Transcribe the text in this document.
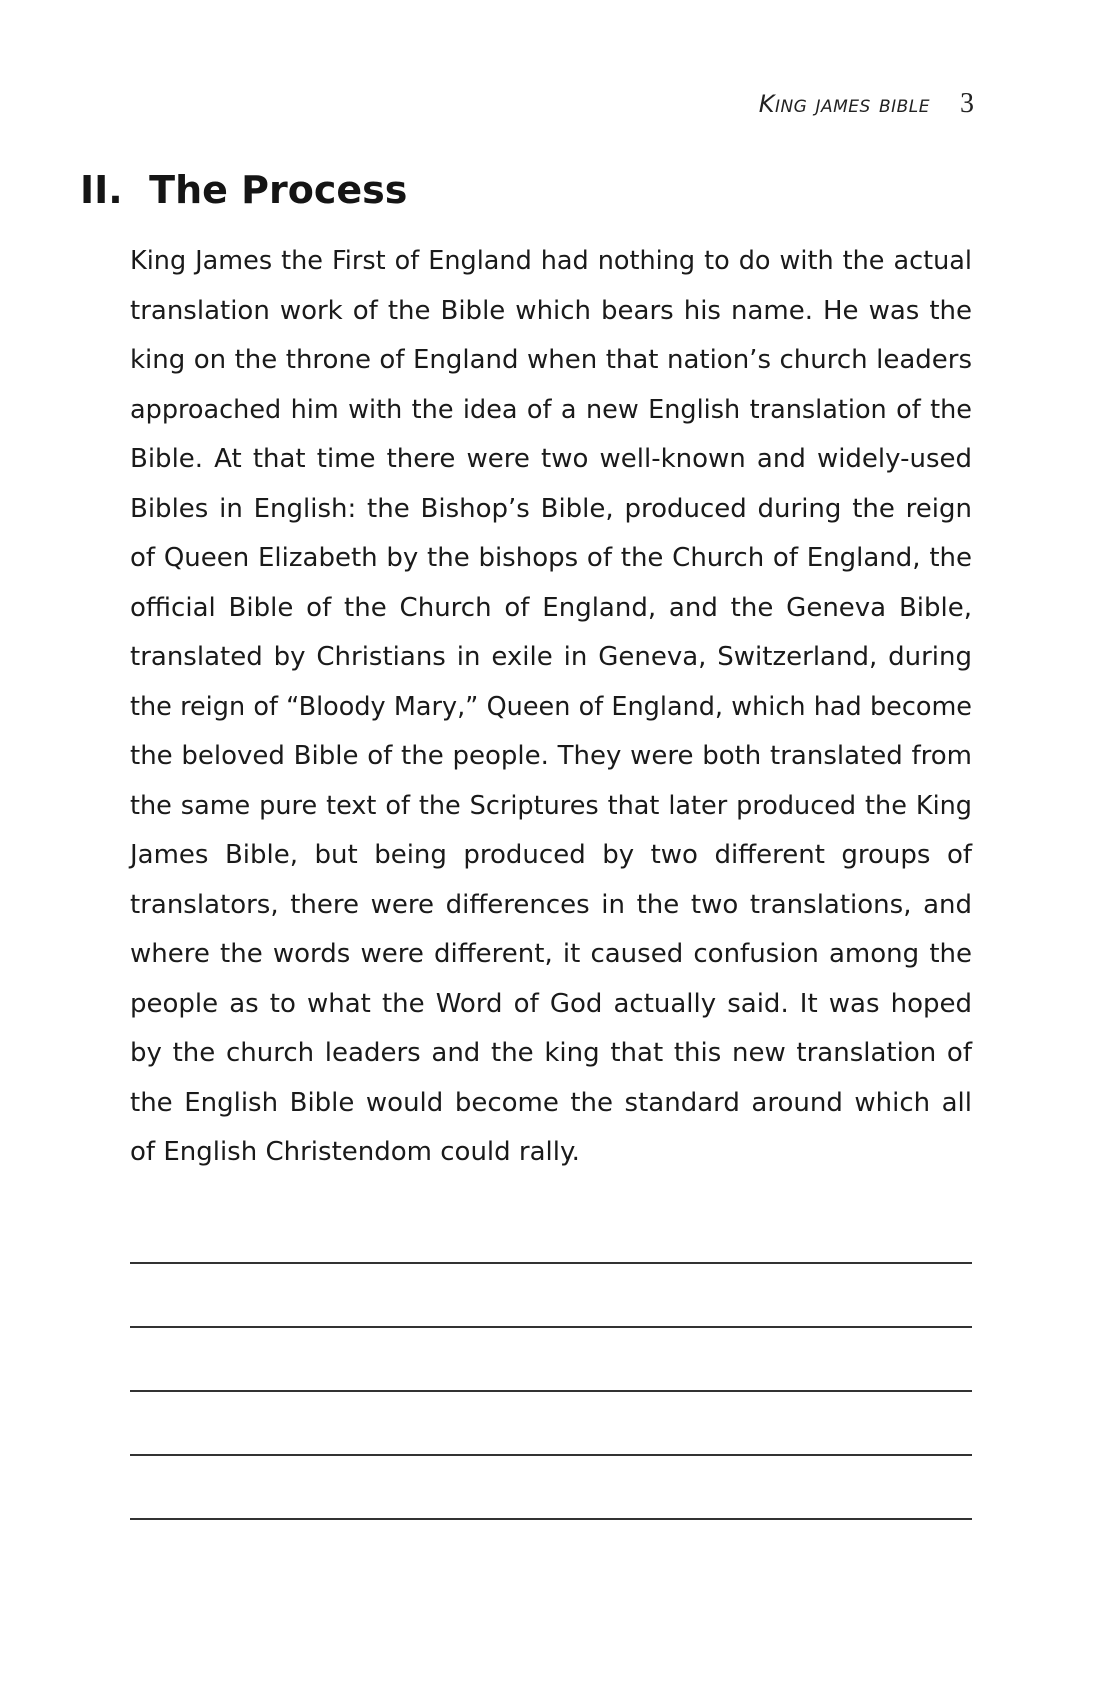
King james bible 3
II.  The Process
King James the First of England had nothing to do with the actual
translation work of the Bible which bears his name. He was the
king on the throne of England when that nation’s church leaders
approached him with the idea of a new English translation of the
Bible. At that time there were two well-known and widely-used
Bibles in English: the Bishop’s Bible, produced during the reign
of Queen Elizabeth by the bishops of the Church of England, the
official Bible of the Church of England, and the Geneva Bible,
translated by Christians in exile in Geneva, Switzerland, during
the reign of “Bloody Mary,” Queen of England, which had become
the beloved Bible of the people. They were both translated from
the same pure text of the Scriptures that later produced the King
James Bible, but being produced by two different groups of
translators, there were differences in the two translations, and
where the words were different, it caused confusion among the
people as to what the Word of God actually said. It was hoped
by the church leaders and the king that this new translation of
the English Bible would become the standard around which all
of English Christendom could rally.
